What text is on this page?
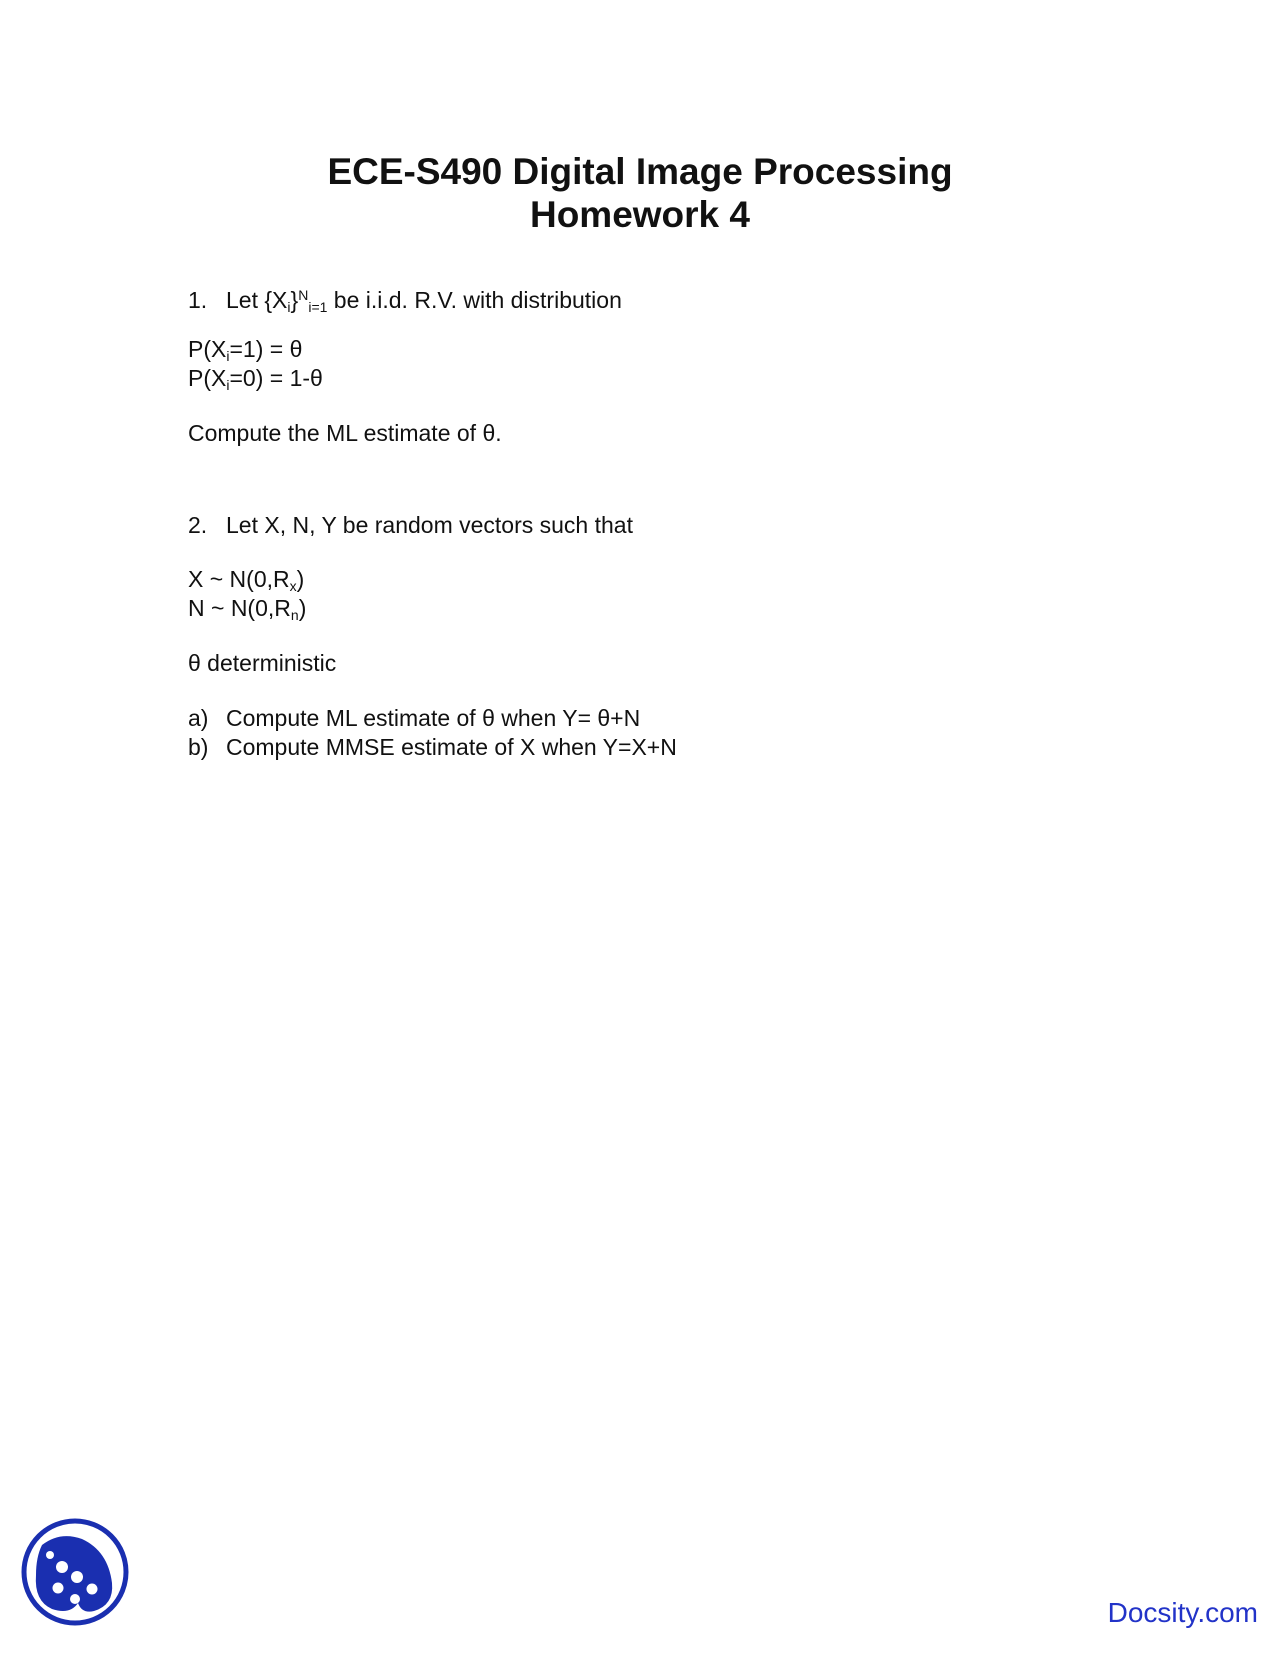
ECE-S490 Digital Image Processing
Homework 4
1. Let $\{X_i\}^N_{i=1}$ be i.i.d. R.V. with distribution
$P(X_i=1) = \theta$
$P(X_i=0) = 1-\theta$
Compute the ML estimate of θ.
2. Let X, N, Y be random vectors such that
X ~ $N(0,R_x)$
N ~ $N(0,R_n)$
θ deterministic
a) Compute ML estimate of θ when Y= θ+N
b) Compute MMSE estimate of X when Y=X+N
Docsity.com
